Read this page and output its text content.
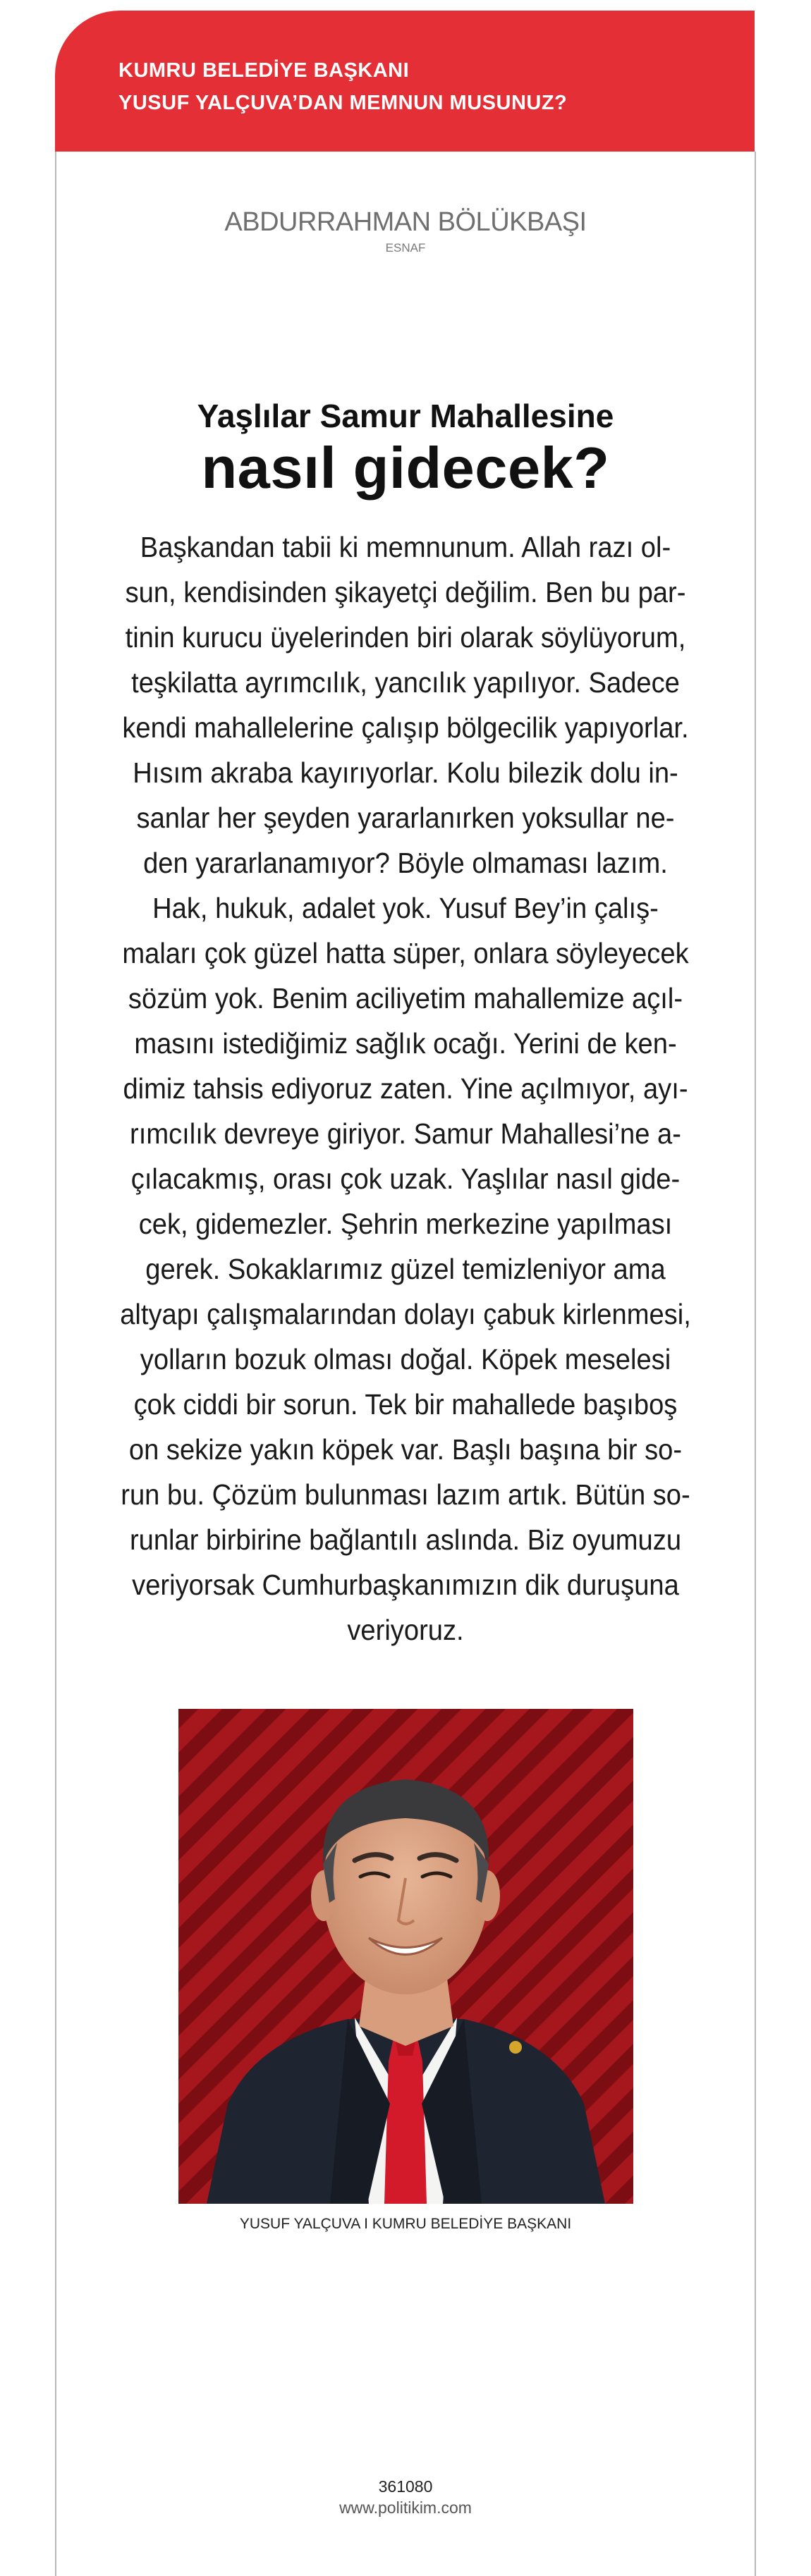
KUMRU BELEDİYE BAŞKANI
YUSUF YALÇUVA’DAN MEMNUN MUSUNUZ?
ABDURRAHMAN BÖLÜKBAŞI
ESNAF
Yaşlılar Samur Mahallesine
nasıl gidecek?
Başkandan tabii ki memnunum. Allah razı ol-
sun, kendisinden şikayetçi değilim. Ben bu par-
tinin kurucu üyelerinden biri olarak söylüyorum,
teşkilatta ayrımcılık, yancılık yapılıyor. Sadece
kendi mahallelerine çalışıp bölgecilik yapıyorlar.
Hısım akraba kayırıyorlar. Kolu bilezik dolu in-
sanlar her şeyden yararlanırken yoksullar ne-
den yararlanamıyor? Böyle olmaması lazım.
Hak, hukuk, adalet yok. Yusuf Bey’in çalış-
maları çok güzel hatta süper, onlara söyleyecek
sözüm yok. Benim aciliyetim mahallemize açıl-
masını istediğimiz sağlık ocağı. Yerini de ken-
dimiz tahsis ediyoruz zaten. Yine açılmıyor, ayı-
rımcılık devreye giriyor. Samur Mahallesi’ne a-
çılacakmış, orası çok uzak. Yaşlılar nasıl gide-
cek, gidemezler. Şehrin merkezine yapılması
gerek. Sokaklarımız güzel temizleniyor ama
altyapı çalışmalarından dolayı çabuk kirlenmesi,
yolların bozuk olması doğal. Köpek meselesi
çok ciddi bir sorun. Tek bir mahallede başıboş
on sekize yakın köpek var. Başlı başına bir so-
run bu. Çözüm bulunması lazım artık. Bütün so-
runlar birbirine bağlantılı aslında. Biz oyumuzu
veriyorsak Cumhurbaşkanımızın dik duruşuna
veriyoruz.
YUSUF YALÇUVA I KUMRU BELEDİYE BAŞKANI
361080
www.politikim.com
